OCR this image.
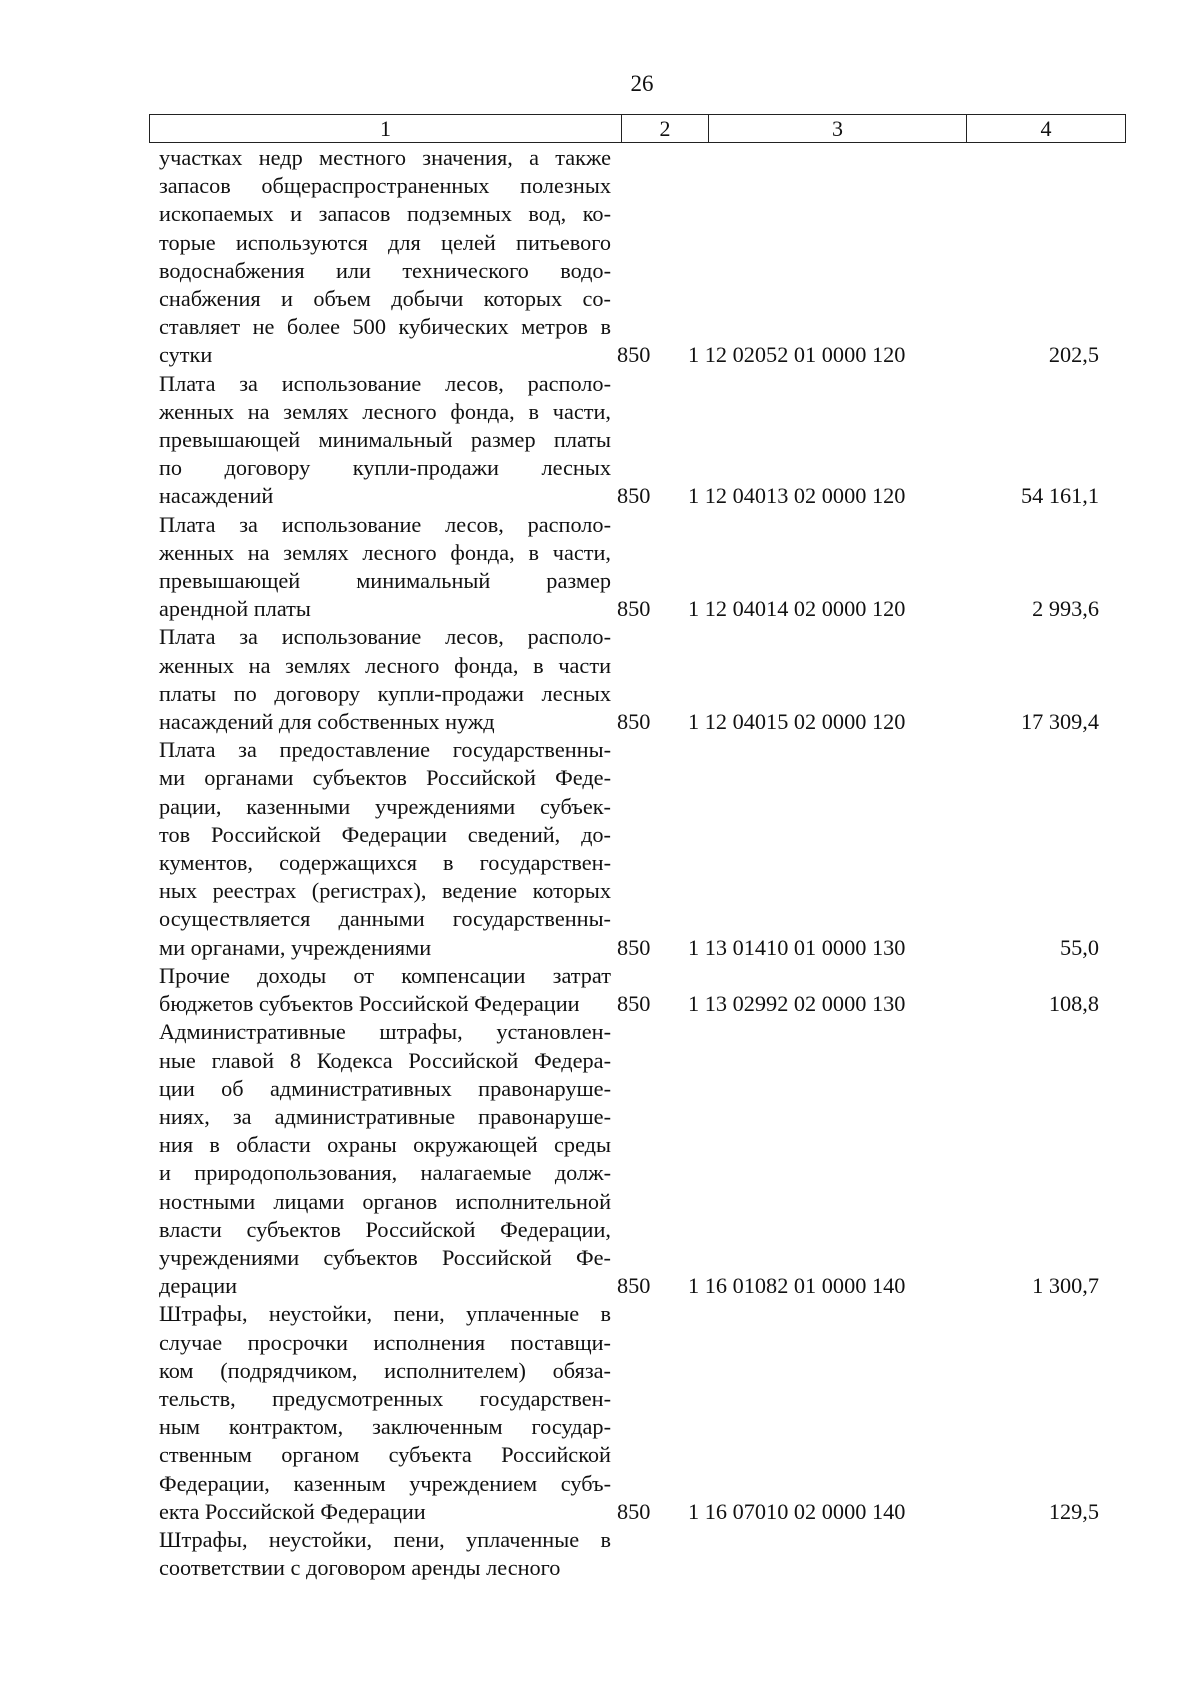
26
1	2	3	4
участках недр местного значения, а также
запасов общераспространенных полезных
ископаемых и запасов подземных вод, ко-
торые используются для целей питьевого
водоснабжения или технического водо-
снабжения и объем добычи которых со-
ставляет не более 500 кубических метров в
сутки	850	1 12 02052 01 0000 120	202,5
Плата за использование лесов, располо-
женных на землях лесного фонда, в части,
превышающей минимальный размер платы
по договору купли-продажи лесных
насаждений	850	1 12 04013 02 0000 120	54 161,1
Плата за использование лесов, располо-
женных на землях лесного фонда, в части,
превышающей минимальный размер
арендной платы	850	1 12 04014 02 0000 120	2 993,6
Плата за использование лесов, располо-
женных на землях лесного фонда, в части
платы по договору купли-продажи лесных
насаждений для собственных нужд	850	1 12 04015 02 0000 120	17 309,4
Плата за предоставление государственны-
ми органами субъектов Российской Феде-
рации, казенными учреждениями субъек-
тов Российской Федерации сведений, до-
кументов, содержащихся в государствен-
ных реестрах (регистрах), ведение которых
осуществляется данными государственны-
ми органами, учреждениями	850	1 13 01410 01 0000 130	55,0
Прочие доходы от компенсации затрат
бюджетов субъектов Российской Федерации	850	1 13 02992 02 0000 130	108,8
Административные штрафы, установлен-
ные главой 8 Кодекса Российской Федера-
ции об административных правонаруше-
ниях, за административные правонаруше-
ния в области охраны окружающей среды
и природопользования, налагаемые долж-
ностными лицами органов исполнительной
власти субъектов Российской Федерации,
учреждениями субъектов Российской Фе-
дерации	850	1 16 01082 01 0000 140	1 300,7
Штрафы, неустойки, пени, уплаченные в
случае просрочки исполнения поставщи-
ком (подрядчиком, исполнителем) обяза-
тельств, предусмотренных государствен-
ным контрактом, заключенным государ-
ственным органом субъекта Российской
Федерации, казенным учреждением субъ-
екта Российской Федерации	850	1 16 07010 02 0000 140	129,5
Штрафы, неустойки, пени, уплаченные в
соответствии с договором аренды лесного
